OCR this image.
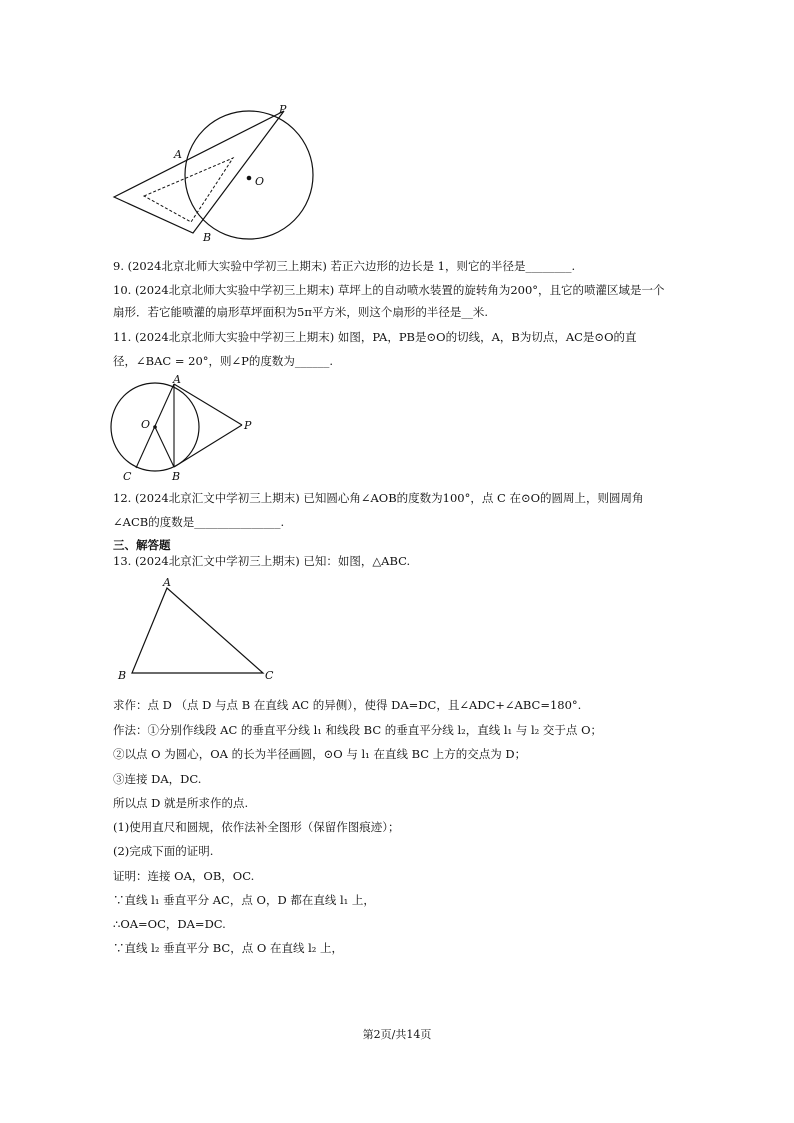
P
A
O
B
9. (2024北京北师大实验中学初三上期末) 若正六边形的边长是 1，则它的半径是________.
10. (2024北京北师大实验中学初三上期末) 草坪上的自动喷水装置的旋转角为200°，且它的喷灌区域是一个
扇形．若它能喷灌的扇形草坪面积为5π平方米，则这个扇形的半径是__米.
11. (2024北京北师大实验中学初三上期末) 如图，PA，PB是⊙O的切线，A，B为切点，AC是⊙O的直
径，∠BAC = 20°，则∠P的度数为______.
A
O	P
C	B
12. (2024北京汇文中学初三上期末) 已知圆心角∠AOB的度数为100°，点 C 在⊙O的圆周上，则圆周角
∠ACB的度数是_______________.
三、解答题
13. (2024北京汇文中学初三上期末) 已知：如图，△ABC.
A
B	C
求作：点 D （点 D 与点 B 在直线 AC 的异侧），使得 DA=DC，且∠ADC+∠ABC=180°.
作法：①分别作线段 AC 的垂直平分线 l₁ 和线段 BC 的垂直平分线 l₂，直线 l₁ 与 l₂ 交于点 O；
②以点 O 为圆心，OA 的长为半径画圆，⊙O 与 l₁ 在直线 BC 上方的交点为 D；
③连接 DA，DC.
所以点 D 就是所求作的点.
(1)使用直尺和圆规，依作法补全图形（保留作图痕迹）；
(2)完成下面的证明.
证明：连接 OA，OB，OC.
∵直线 l₁ 垂直平分 AC，点 O，D 都在直线 l₁ 上，
∴OA=OC，DA=DC.
∵直线 l₂ 垂直平分 BC，点 O 在直线 l₂ 上，
第2页/共14页
